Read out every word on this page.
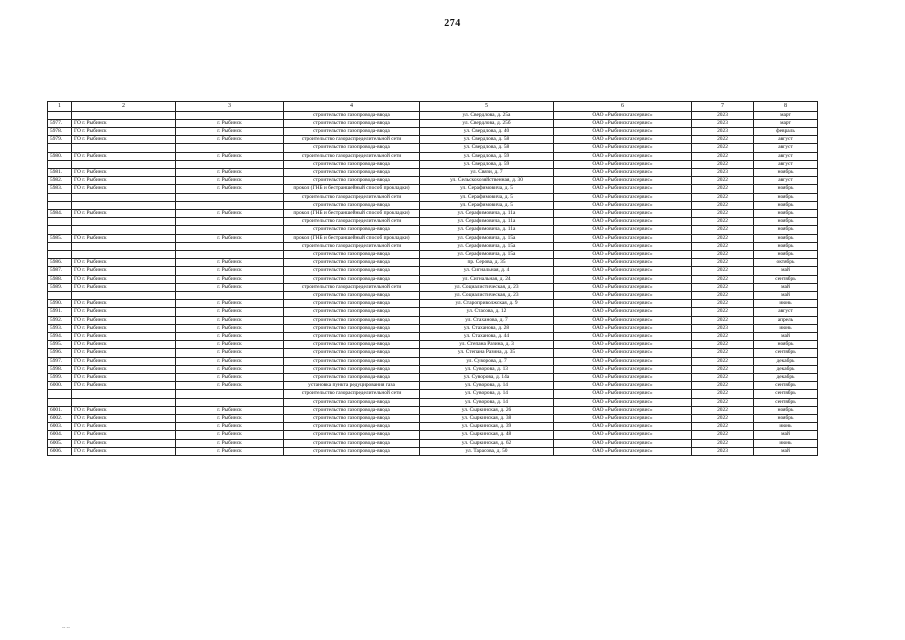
274
1	2	3	4	5	6	7	8
			строительство газопровода-ввода	ул. Свердлова, д. 25а	ОАО «Рыбинскгазсервис»	2023	март
5977.	ГО г. Рыбинск	г. Рыбинск	строительство газопровода-ввода	ул. Свердлова, д. 25б	ОАО «Рыбинскгазсервис»	2023	март
5978.	ГО г. Рыбинск	г. Рыбинск	строительство газопровода-ввода	ул. Свердлова, д. 40	ОАО «Рыбинскгазсервис»	2023	февраль
5979.	ГО г. Рыбинск	г. Рыбинск	строительство газораспределительной сети	ул. Свердлова, д. 58	ОАО «Рыбинскгазсервис»	2022	август
			строительство газопровода-ввода	ул. Свердлова, д. 58	ОАО «Рыбинскгазсервис»	2022	август
5980.	ГО г. Рыбинск	г. Рыбинск	строительство газораспределительной сети	ул. Свердлова, д. 59	ОАО «Рыбинскгазсервис»	2022	август
			строительство газопровода-ввода	ул. Свердлова, д. 59	ОАО «Рыбинскгазсервис»	2022	август
5981.	ГО г. Рыбинск	г. Рыбинск	строительство газопровода-ввода	ул. Связи, д. 7	ОАО «Рыбинскгазсервис»	2023	ноябрь
5982.	ГО г. Рыбинск	г. Рыбинск	строительство газопровода-ввода	ул. Сельскохозяйственная, д. 30	ОАО «Рыбинскгазсервис»	2022	август
5983.	ГО г. Рыбинск	г. Рыбинск	прокол (ГНБ и бестраншейный способ прокладки)	ул. Серафимовича, д. 5	ОАО «Рыбинскгазсервис»	2022	ноябрь
			строительство газораспределительной сети	ул. Серафимовича, д. 5	ОАО «Рыбинскгазсервис»	2022	ноябрь
			строительство газопровода-ввода	ул. Серафимовича, д. 5	ОАО «Рыбинскгазсервис»	2022	ноябрь
5984.	ГО г. Рыбинск	г. Рыбинск	прокол (ГНБ и бестраншейный способ прокладки)	ул. Серафимовича, д. 11а	ОАО «Рыбинскгазсервис»	2022	ноябрь
			строительство газораспределительной сети	ул. Серафимовича, д. 11а	ОАО «Рыбинскгазсервис»	2022	ноябрь
			строительство газопровода-ввода	ул. Серафимовича, д. 11а	ОАО «Рыбинскгазсервис»	2022	ноябрь
5985.	ГО г. Рыбинск	г. Рыбинск	прокол (ГНБ и бестраншейный способ прокладки)	ул. Серафимовича, д. 15а	ОАО «Рыбинскгазсервис»	2022	ноябрь
			строительство газораспределительной сети	ул. Серафимовича, д. 15а	ОАО «Рыбинскгазсервис»	2022	ноябрь
			строительство газопровода-ввода	ул. Серафимовича, д. 15а	ОАО «Рыбинскгазсервис»	2022	ноябрь
5986.	ГО г. Рыбинск	г. Рыбинск	строительство газопровода-ввода	пр. Серова, д. 35	ОАО «Рыбинскгазсервис»	2022	октябрь
5987.	ГО г. Рыбинск	г. Рыбинск	строительство газопровода-ввода	ул. Сигнальная, д. 4	ОАО «Рыбинскгазсервис»	2022	май
5988.	ГО г. Рыбинск	г. Рыбинск	строительство газопровода-ввода	ул. Сигнальная, д. 24	ОАО «Рыбинскгазсервис»	2022	сентябрь
5989.	ГО г. Рыбинск	г. Рыбинск	строительство газораспределительной сети	ул. Социалистическая, д. 23	ОАО «Рыбинскгазсервис»	2022	май
			строительство газопровода-ввода	ул. Социалистическая, д. 23	ОАО «Рыбинскгазсервис»	2022	май
5990.	ГО г. Рыбинск	г. Рыбинск	строительство газопровода-ввода	ул. Староприволжская, д. 9	ОАО «Рыбинскгазсервис»	2022	июнь
5991.	ГО г. Рыбинск	г. Рыбинск	строительство газопровода-ввода	ул. Стасова, д. 12	ОАО «Рыбинскгазсервис»	2022	август
5992.	ГО г. Рыбинск	г. Рыбинск	строительство газопровода-ввода	ул. Стаханова, д. 7	ОАО «Рыбинскгазсервис»	2022	апрель
5993.	ГО г. Рыбинск	г. Рыбинск	строительство газопровода-ввода	ул. Стаханова, д. 28	ОАО «Рыбинскгазсервис»	2023	июнь
5994.	ГО г. Рыбинск	г. Рыбинск	строительство газопровода-ввода	ул. Стаханова, д. 44	ОАО «Рыбинскгазсервис»	2022	май
5995.	ГО г. Рыбинск	г. Рыбинск	строительство газопровода-ввода	ул. Степана Разина, д. 3	ОАО «Рыбинскгазсервис»	2022	ноябрь
5996.	ГО г. Рыбинск	г. Рыбинск	строительство газопровода-ввода	ул. Степана Разина, д. 35	ОАО «Рыбинскгазсервис»	2022	сентябрь
5997.	ГО г. Рыбинск	г. Рыбинск	строительство газопровода-ввода	ул. Суворова, д. 7	ОАО «Рыбинскгазсервис»	2022	декабрь
5998.	ГО г. Рыбинск	г. Рыбинск	строительство газопровода-ввода	ул. Суворова, д. 13	ОАО «Рыбинскгазсервис»	2022	декабрь
5999.	ГО г. Рыбинск	г. Рыбинск	строительство газопровода-ввода	ул. Суворова, д. 14а	ОАО «Рыбинскгазсервис»	2022	декабрь
6000.	ГО г. Рыбинск	г. Рыбинск	установка пункта редуцирования газа	ул. Суворова, д. 14	ОАО «Рыбинскгазсервис»	2022	сентябрь
			строительство газораспределительной сети	ул. Суворова, д. 14	ОАО «Рыбинскгазсервис»	2022	сентябрь
			строительство газопровода-ввода	ул. Суворова, д. 14	ОАО «Рыбинскгазсервис»	2022	сентябрь
6001.	ГО г. Рыбинск	г. Рыбинск	строительство газопровода-ввода	ул. Сыркинская, д. 26	ОАО «Рыбинскгазсервис»	2022	ноябрь
6002.	ГО г. Рыбинск	г. Рыбинск	строительство газопровода-ввода	ул. Сыркинская, д. 38	ОАО «Рыбинскгазсервис»	2022	ноябрь
6003.	ГО г. Рыбинск	г. Рыбинск	строительство газопровода-ввода	ул. Сыркинская, д. 39	ОАО «Рыбинскгазсервис»	2022	июнь
6004.	ГО г. Рыбинск	г. Рыбинск	строительство газопровода-ввода	ул. Сыркинская, д. 48	ОАО «Рыбинскгазсервис»	2022	май
6005.	ГО г. Рыбинск	г. Рыбинск	строительство газопровода-ввода	ул. Сыркинская, д. 62	ОАО «Рыбинскгазсервис»	2022	июнь
6006.	ГО г. Рыбинск	г. Рыбинск	строительство газопровода-ввода	ул. Тарасова, д. 50	ОАО «Рыбинскгазсервис»	2023	май
-- --
